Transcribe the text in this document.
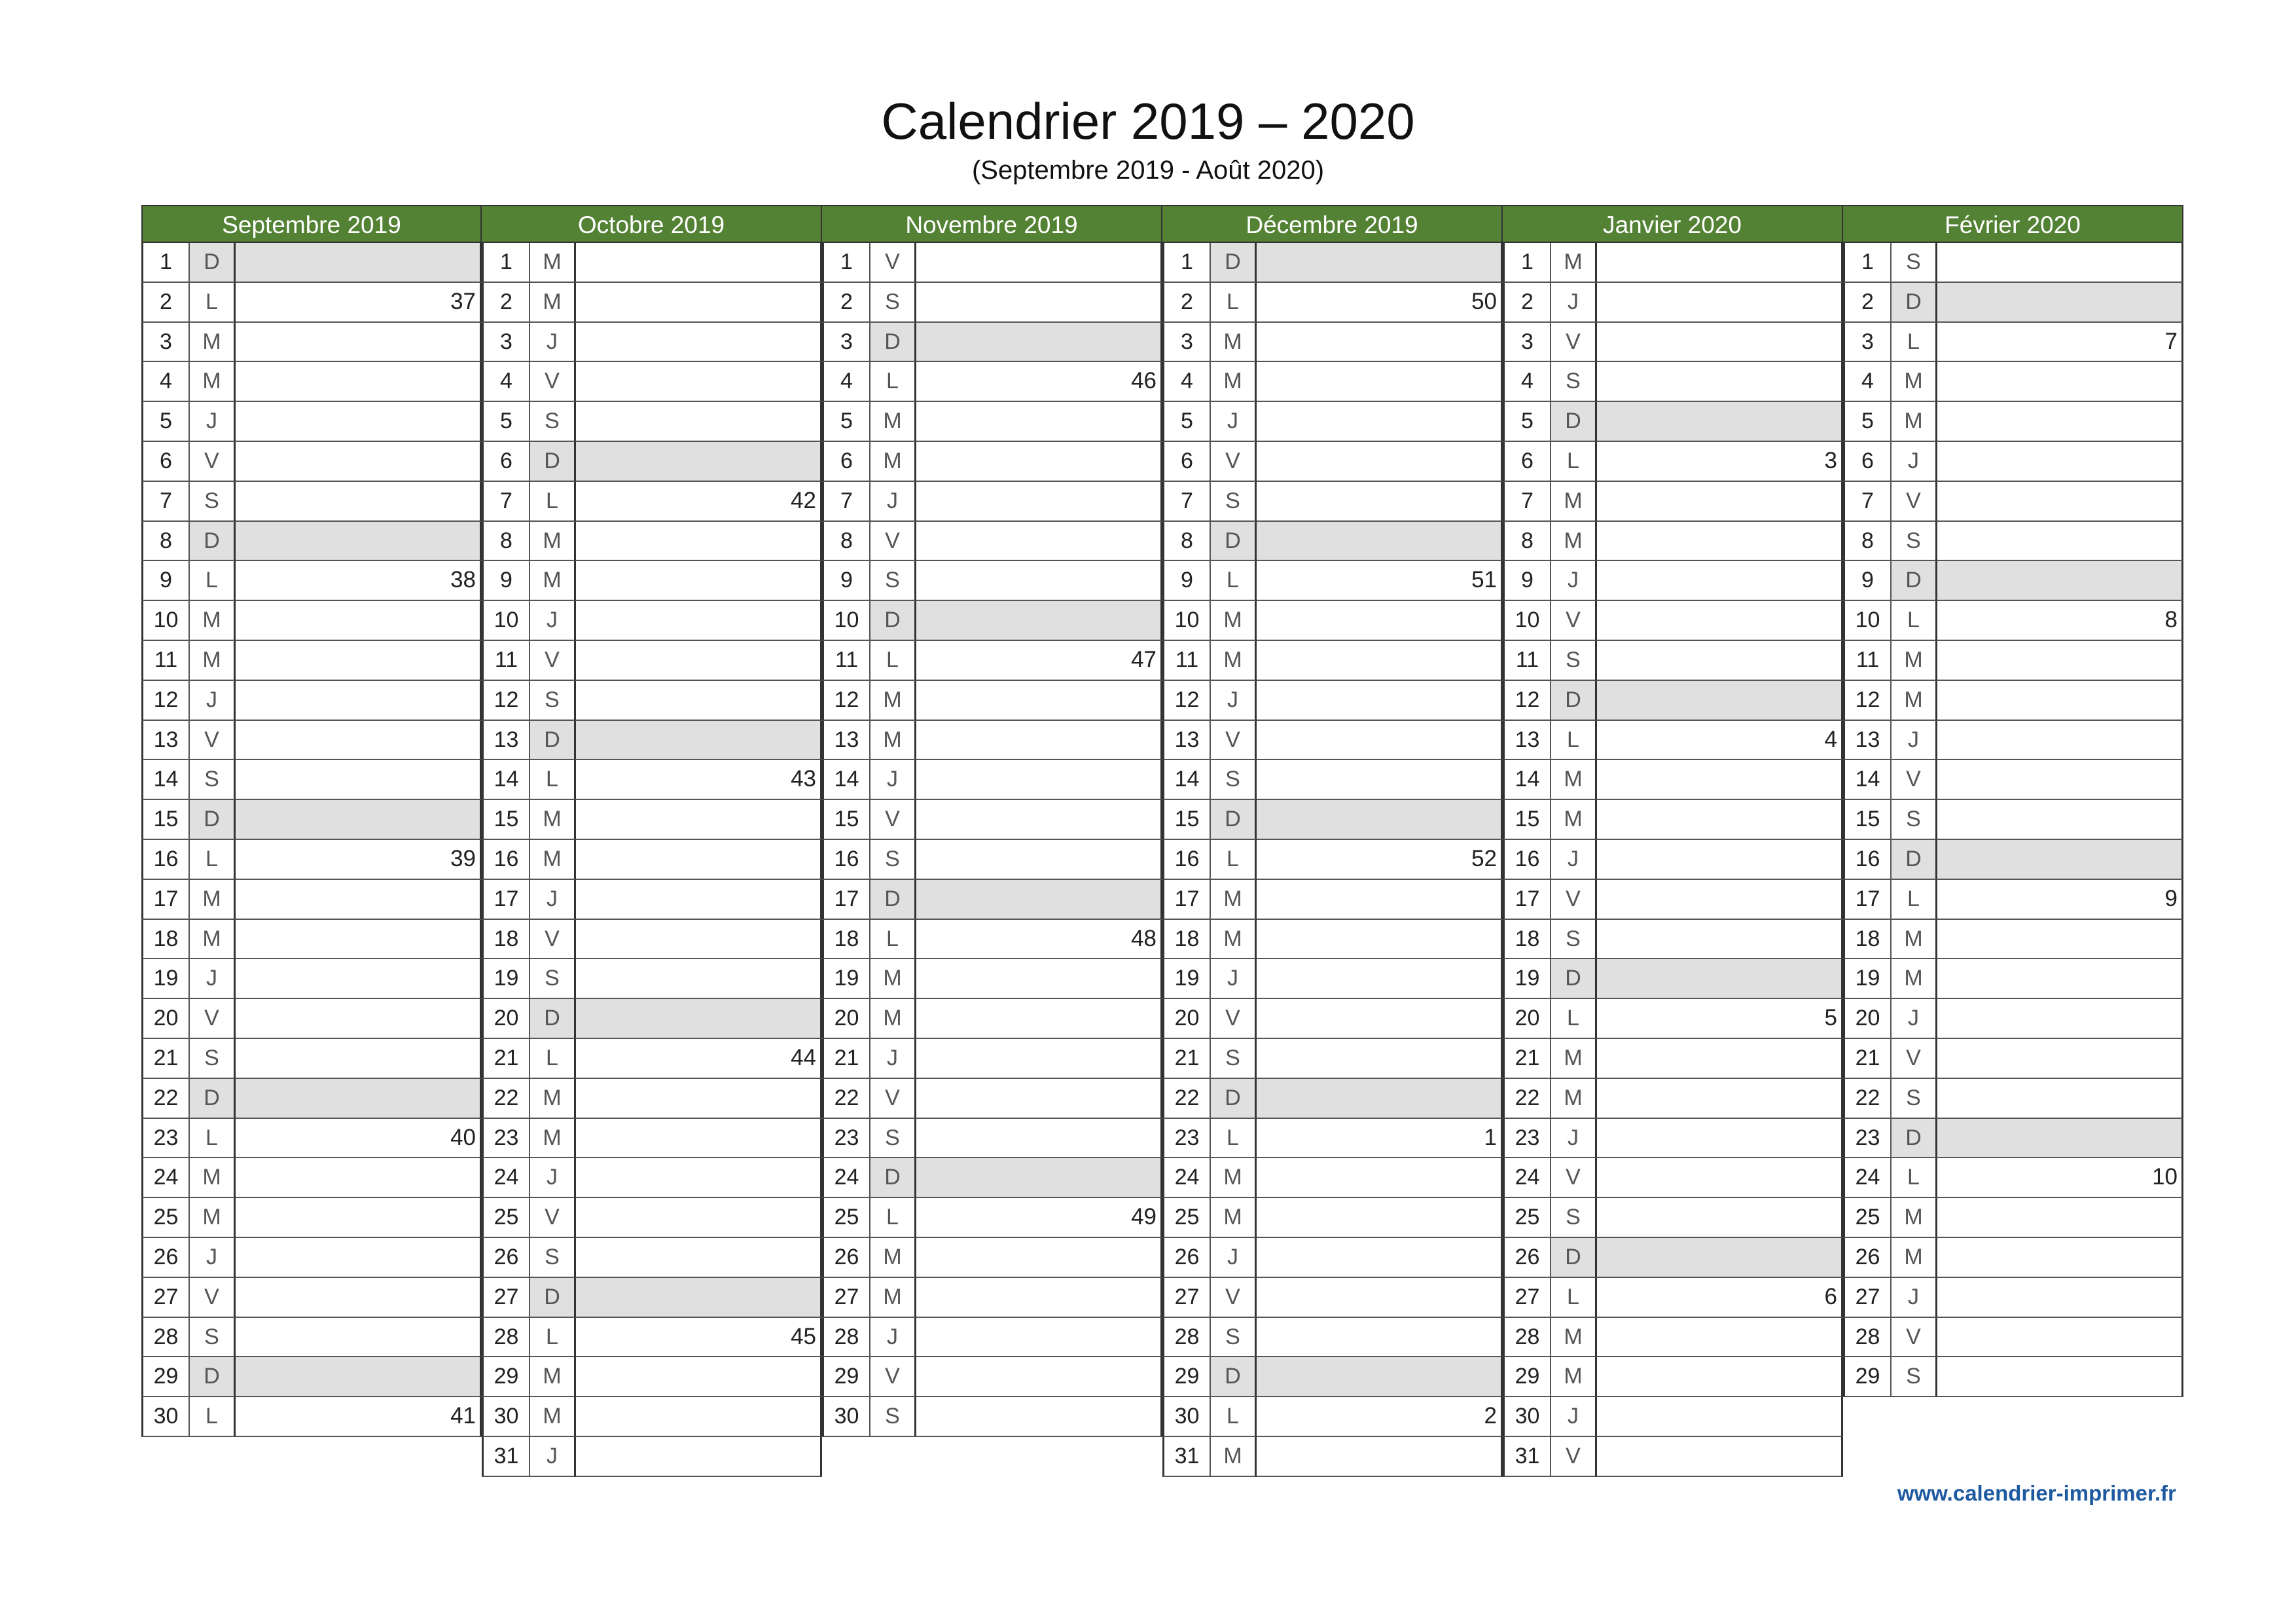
Calendrier 2019 – 2020
(Septembre 2019 - Août 2020)
Septembre 2019
1	D
2	L	37
3	M
4	M
5	J
6	V
7	S
8	D
9	L	38
10	M
11	M
12	J
13	V
14	S
15	D
16	L	39
17	M
18	M
19	J
20	V
21	S
22	D
23	L	40
24	M
25	M
26	J
27	V
28	S
29	D
30	L	41
Octobre 2019
1	M
2	M
3	J
4	V
5	S
6	D
7	L	42
8	M
9	M
10	J
11	V
12	S
13	D
14	L	43
15	M
16	M
17	J
18	V
19	S
20	D
21	L	44
22	M
23	M
24	J
25	V
26	S
27	D
28	L	45
29	M
30	M
31	J
Novembre 2019
1	V
2	S
3	D
4	L	46
5	M
6	M
7	J
8	V
9	S
10	D
11	L	47
12	M
13	M
14	J
15	V
16	S
17	D
18	L	48
19	M
20	M
21	J
22	V
23	S
24	D
25	L	49
26	M
27	M
28	J
29	V
30	S
Décembre 2019
1	D
2	L	50
3	M
4	M
5	J
6	V
7	S
8	D
9	L	51
10	M
11	M
12	J
13	V
14	S
15	D
16	L	52
17	M
18	M
19	J
20	V
21	S
22	D
23	L	1
24	M
25	M
26	J
27	V
28	S
29	D
30	L	2
31	M
Janvier 2020
1	M
2	J
3	V
4	S
5	D
6	L	3
7	M
8	M
9	J
10	V
11	S
12	D
13	L	4
14	M
15	M
16	J
17	V
18	S
19	D
20	L	5
21	M
22	M
23	J
24	V
25	S
26	D
27	L	6
28	M
29	M
30	J
31	V
Février 2020
1	S
2	D
3	L	7
4	M
5	M
6	J
7	V
8	S
9	D
10	L	8
11	M
12	M
13	J
14	V
15	S
16	D
17	L	9
18	M
19	M
20	J
21	V
22	S
23	D
24	L	10
25	M
26	M
27	J
28	V
29	S
www.calendrier-imprimer.fr
